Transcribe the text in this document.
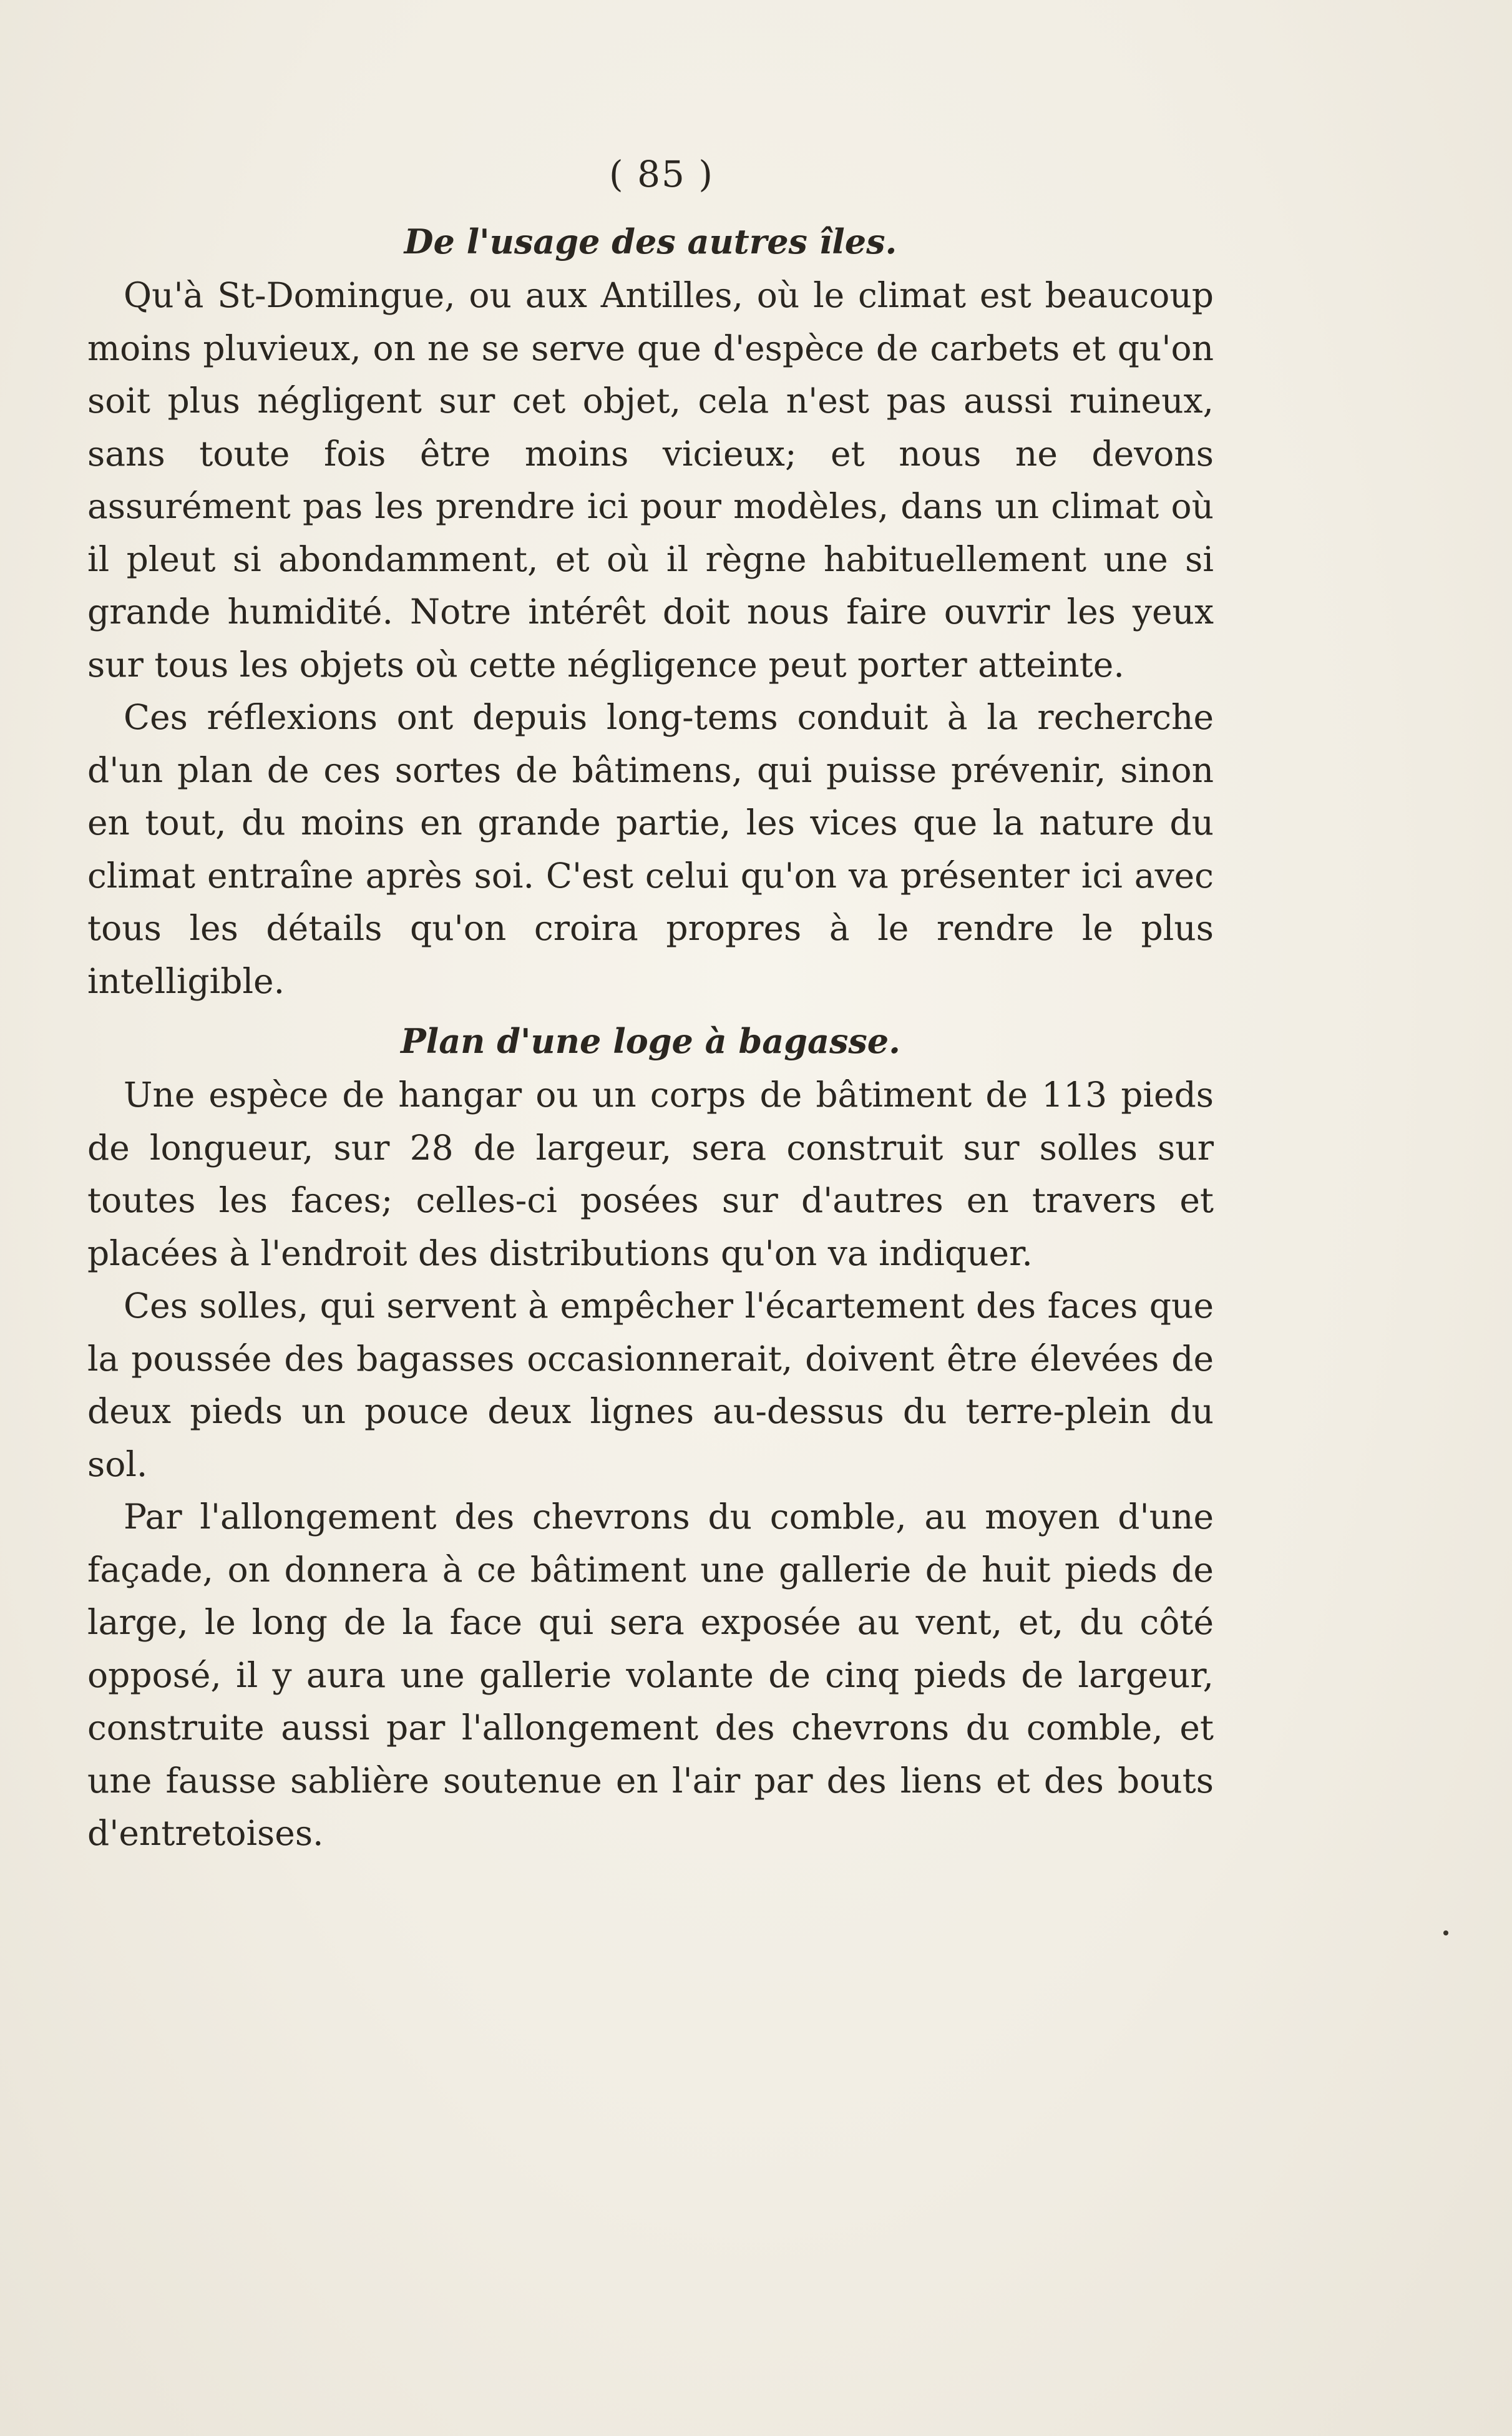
( 85 )
De l'usage des autres îles.

Qu'à St-Domingue, ou aux Antilles, où le climat est beaucoup moins pluvieux, on ne se serve que d'espèce de carbets et qu'on soit plus négligent sur cet objet, cela n'est pas aussi ruineux, sans toute fois être moins vicieux; et nous ne devons assurément pas les prendre ici pour modèles, dans un climat où il pleut si abondamment, et où il règne habituellement une si grande humidité. Notre intérêt doit nous faire ouvrir les yeux sur tous les objets où cette négligence peut porter atteinte.

Ces réflexions ont depuis long-tems conduit à la recherche d'un plan de ces sortes de bâtimens, qui puisse prévenir, sinon en tout, du moins en grande partie, les vices que la nature du climat entraîne après soi. C'est celui qu'on va présenter ici avec tous les détails qu'on croira propres à le rendre le plus intelligible.

Plan d'une loge à bagasse.

Une espèce de hangar ou un corps de bâtiment de 113 pieds de longueur, sur 28 de largeur, sera construit sur solles sur toutes les faces; celles-ci posées sur d'autres en travers et placées à l'endroit des distributions qu'on va indiquer.

Ces solles, qui servent à empêcher l'écartement des faces que la poussée des bagasses occasionnerait, doivent être élevées de deux pieds un pouce deux lignes au-dessus du terre-plein du sol.

Par l'allongement des chevrons du comble, au moyen d'une façade, on donnera à ce bâtiment une gallerie de huit pieds de large, le long de la face qui sera exposée au vent, et, du côté opposé, il y aura une gallerie volante de cinq pieds de largeur, construite aussi par l'allongement des chevrons du comble, et une fausse sablière soutenue en l'air par des liens et des bouts d'entretoises.
